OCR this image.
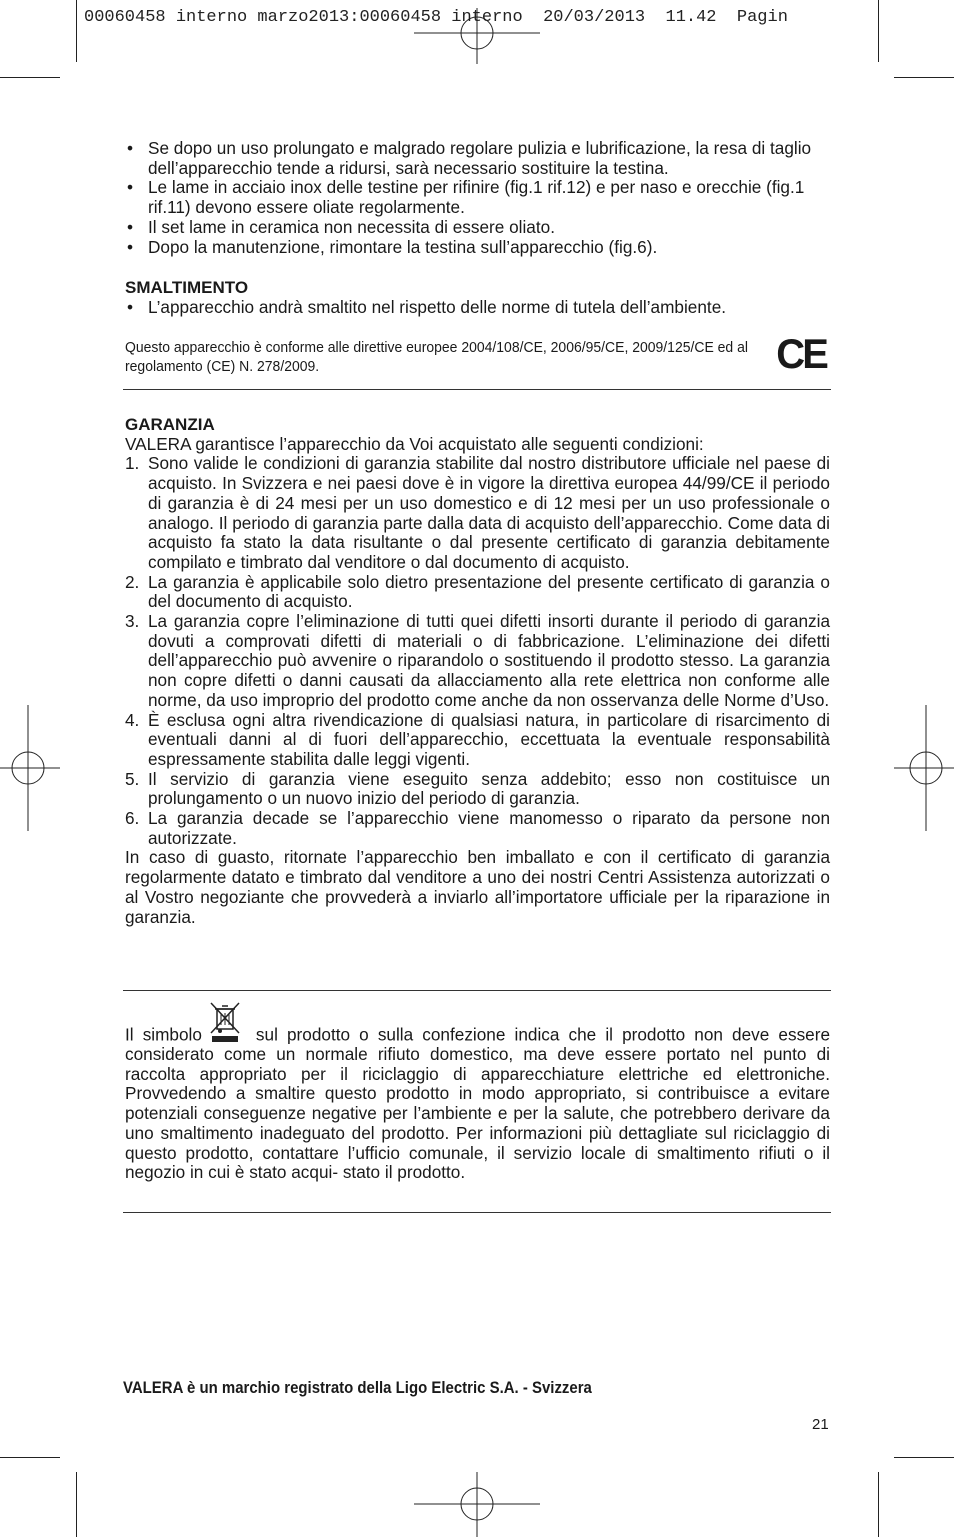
00060458 interno marzo2013:00060458 interno  20/03/2013  11.42  Pagin
• Se dopo un uso prolungato e malgrado regolare pulizia e lubrificazione, la resa di taglio dell’apparecchio tende a ridursi, sarà necessario sostituire la testina.
• Le lame in acciaio inox delle testine per rifinire (fig.1 rif.12) e per naso e orecchie (fig.1 rif.11) devono essere oliate regolarmente.
• Il set lame in ceramica non necessita di essere oliato.
• Dopo la manutenzione, rimontare la testina sull’apparecchio (fig.6).

SMALTIMENTO

• L’apparecchio andrà smaltito nel rispetto delle norme di tutela dell’ambiente.
Questo apparecchio è conforme alle direttive europee 2004/108/CE, 2006/95/CE, 2009/125/CE ed al regolamento (CE) N. 278/2009.	CE

GARANZIA

VALERA garantisce l’apparecchio da Voi acquistato alle seguenti condizioni:

1. Sono valide le condizioni di garanzia stabilite dal nostro distributore ufficiale nel paese di acquisto. In Svizzera e nei paesi dove è in vigore la direttiva europea 44/99/CE il periodo di garanzia è di 24 mesi per un uso domestico e di 12 mesi per un uso professionale o analogo. Il periodo di garanzia parte dalla data di acquisto dell’apparecchio. Come data di acquisto fa stato la data risultante o dal presente certificato di garanzia debitamente compilato e timbrato dal venditore o dal documento di acquisto.
2. La garanzia è applicabile solo dietro presentazione del presente certificato di garanzia o del documento di acquisto.
3. La garanzia copre l’eliminazione di tutti quei difetti insorti durante il periodo di garanzia dovuti a comprovati difetti di materiali o di fabbricazione. L’eliminazione dei difetti dell’apparecchio può avvenire o riparandolo o sostituendo il prodotto stesso. La garanzia non copre difetti o danni causati da allacciamento alla rete elettrica non conforme alle norme, da uso improprio del prodotto come anche da non osservanza delle Norme d’Uso.
4. È esclusa ogni altra rivendicazione di qualsiasi natura, in particolare di risarcimento di eventuali danni al di fuori dell’apparecchio, eccettuata la eventuale responsabilità espressamente stabilita dalle leggi vigenti.
5. Il servizio di garanzia viene eseguito senza addebito; esso non costituisce un prolungamento o un nuovo inizio del periodo di garanzia.
6. La garanzia decade se l’apparecchio viene manomesso o riparato da persone non autorizzate.

In caso di guasto, ritornate l’apparecchio ben imballato e con il certificato di garanzia regolarmente datato e timbrato dal venditore a uno dei nostri Centri Assistenza autorizzati o al Vostro negoziante che provvederà a inviarlo all’importatore ufficiale per la riparazione in garanzia.

Il simbolo	sul prodotto o sulla confezione indica che il prodotto non deve essere considerato come un normale rifiuto domestico, ma deve essere portato nel punto di raccolta appropriato per il riciclaggio di apparecchiature elettriche ed elettroniche. Provvedendo a smaltire questo prodotto in modo appropriato, si contribuisce a evitare potenziali conseguenze negative per l’ambiente e per la salute, che potrebbero derivare da uno smaltimento inadeguato del prodotto. Per informazioni più dettagliate sul riciclaggio di questo prodotto, contattare l’ufficio comunale, il servizio locale di smaltimento rifiuti o il negozio in cui è stato acqui- stato il prodotto.

VALERA è un marchio registrato della Ligo Electric S.A. - Svizzera
21
